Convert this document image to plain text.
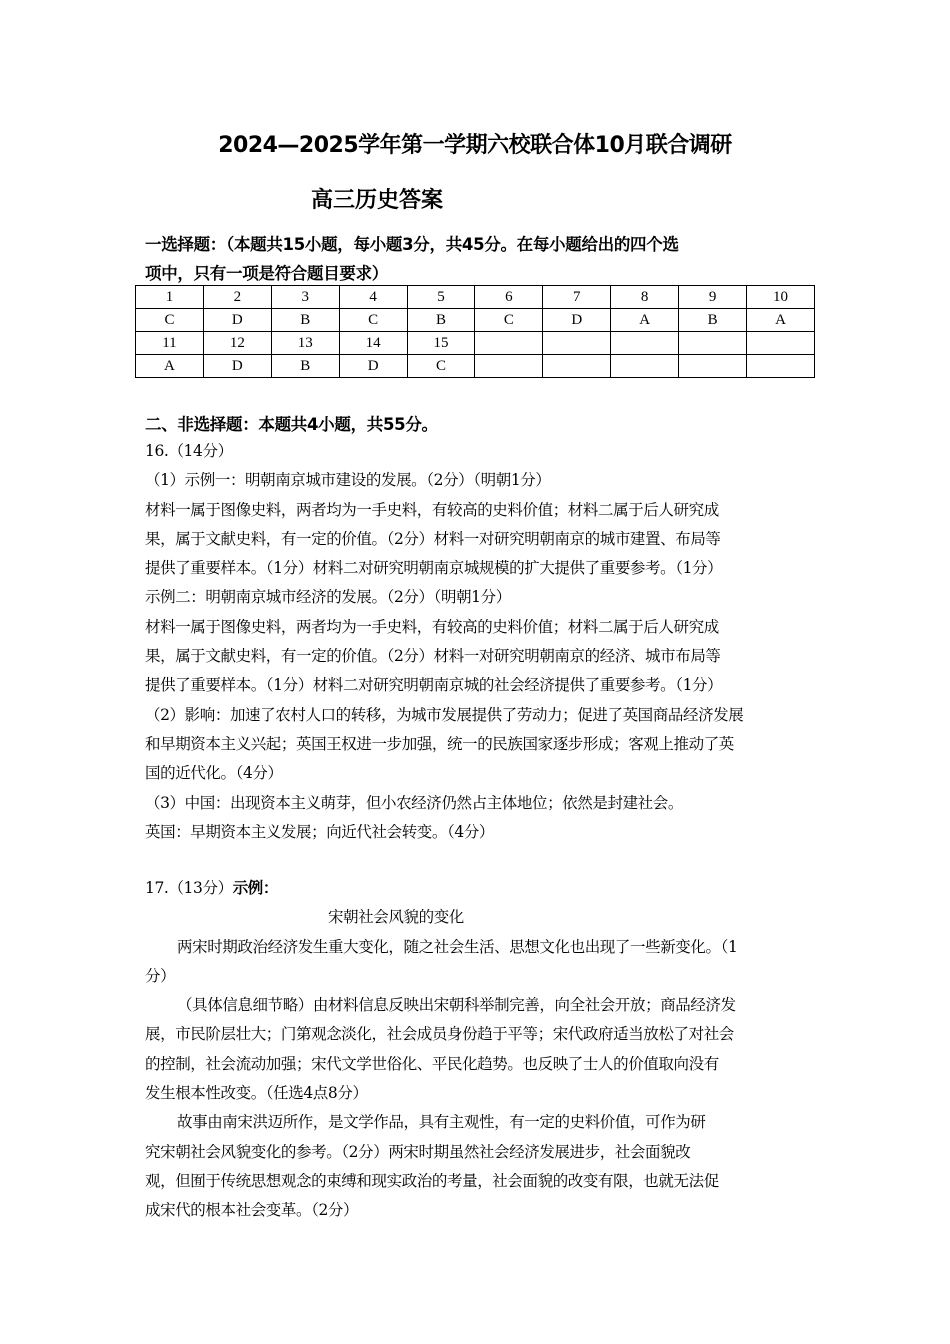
2024—2025学年第一学期六校联合体10月联合调研
高三历史答案
一选择题：（本题共15小题，每小题3分，共45分。在每小题给出的四个选
项中，只有一项是符合题目要求）
1	2	3	4	5	6	7	8	9	10
C	D	B	C	B	C	D	A	B	A
11	12	13	14	15					
A	D	B	D	C					
二、非选择题：本题共4小题，共55分。
16.（14分）
（1）示例一：明朝南京城市建设的发展。（2分）（明朝1分）
材料一属于图像史料，两者均为一手史料，有较高的史料价值；材料二属于后人研究成
果，属于文献史料，有一定的价值。（2分）材料一对研究明朝南京的城市建置、布局等
提供了重要样本。（1分）材料二对研究明朝南京城规模的扩大提供了重要参考。（1分）
示例二：明朝南京城市经济的发展。（2分）（明朝1分）
材料一属于图像史料，两者均为一手史料，有较高的史料价值；材料二属于后人研究成
果，属于文献史料，有一定的价值。（2分）材料一对研究明朝南京的经济、城市布局等
提供了重要样本。（1分）材料二对研究明朝南京城的社会经济提供了重要参考。（1分）
（2）影响：加速了农村人口的转移，为城市发展提供了劳动力；促进了英国商品经济发展
和早期资本主义兴起；英国王权进一步加强，统一的民族国家逐步形成；客观上推动了英
国的近代化。（4分）
（3）中国：出现资本主义萌芽，但小农经济仍然占主体地位；依然是封建社会。
英国：早期资本主义发展；向近代社会转变。（4分）
17.（13分）示例：
宋朝社会风貌的变化
两宋时期政治经济发生重大变化，随之社会生活、思想文化也出现了一些新变化。（1
分）
（具体信息细节略）由材料信息反映出宋朝科举制完善，向全社会开放；商品经济发
展，市民阶层壮大；门第观念淡化，社会成员身份趋于平等；宋代政府适当放松了对社会
的控制，社会流动加强；宋代文学世俗化、平民化趋势。也反映了士人的价值取向没有
发生根本性改变。（任选4点8分）
故事由南宋洪迈所作，是文学作品，具有主观性，有一定的史料价值，可作为研
究宋朝社会风貌变化的参考。（2分）两宋时期虽然社会经济发展进步，社会面貌改
观，但囿于传统思想观念的束缚和现实政治的考量，社会面貌的改变有限，也就无法促
成宋代的根本社会变革。（2分）
